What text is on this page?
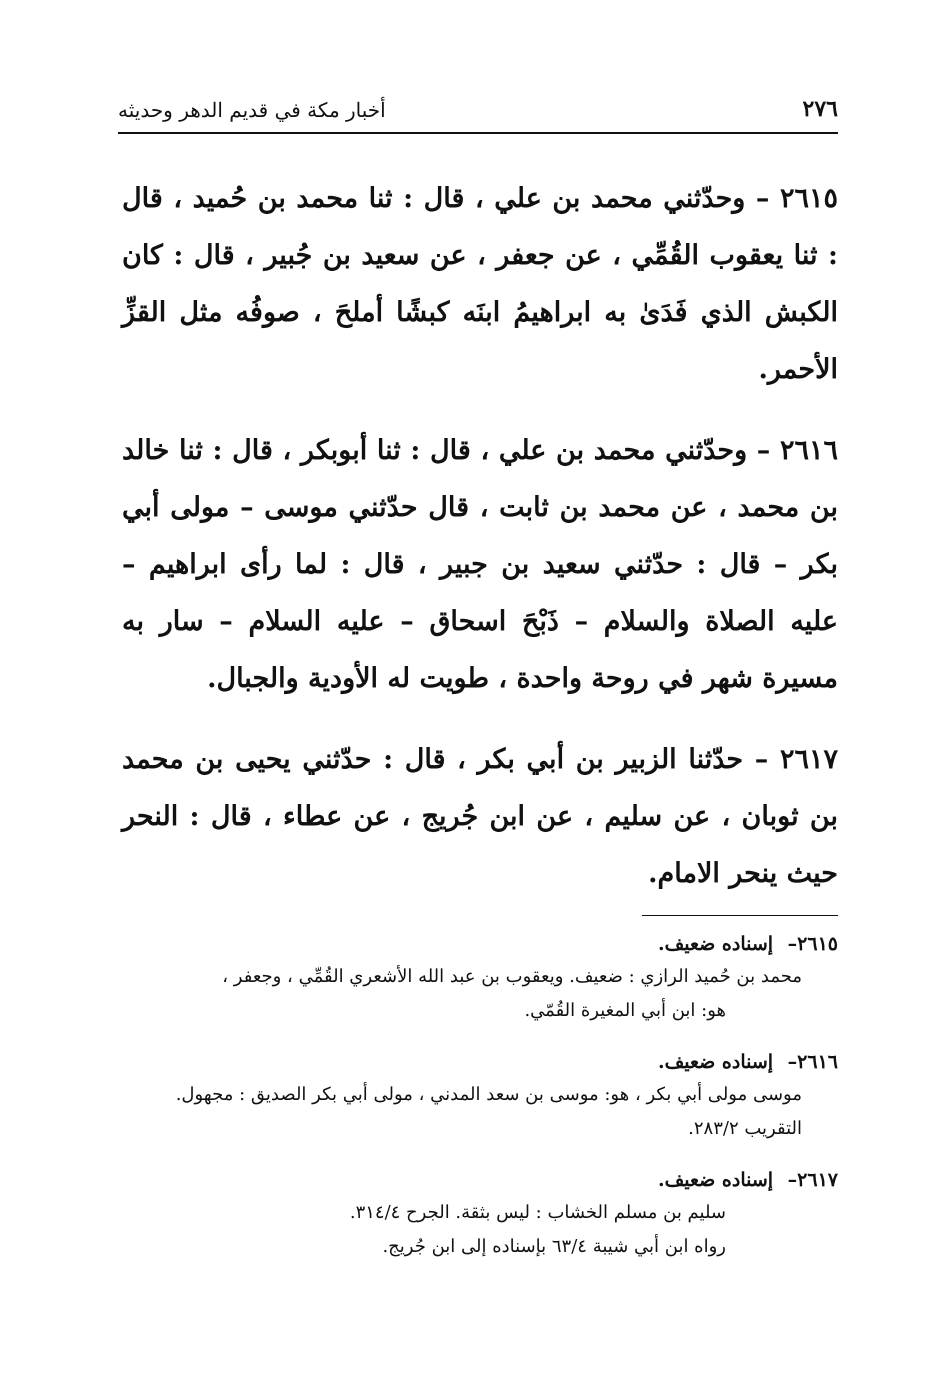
٢٧٦
أخبار مكة في قديم الدهر وحديثه

٢٦١٥ – وحدّثني محمد بن علي ، قال : ثنا محمد بن حُميد ، قال : ثنا يعقوب القُمِّي ، عن جعفر ، عن سعيد بن جُبير ، قال : كان الكبش الذي فَدَىٰ به ابراهيمُ ابنَه كبشًا أملحَ ، صوفُه مثل القزِّ الأحمر.

٢٦١٦ – وحدّثني محمد بن علي ، قال : ثنا أبوبكر ، قال : ثنا خالد بن محمد ، عن محمد بن ثابت ، قال حدّثني موسى – مولى أبي بكر – قال : حدّثني سعيد بن جبير ، قال : لما رأى ابراهيم – عليه الصلاة والسلام – ذَبْحَ اسحاق – عليه السلام – سار به مسيرة شهر في روحة واحدة ، طويت له الأودية والجبال.

٢٦١٧ – حدّثنا الزبير بن أبي بكر ، قال : حدّثني يحيى بن محمد بن ثوبان ، عن سليم ، عن ابن جُريج ، عن عطاء ، قال : النحر حيث ينحر الامام.

٢٦١٥– إسناده ضعيف.
محمد بن حُميد الرازي : ضعيف. ويعقوب بن عبد الله الأشعري القُمِّي ، وجعفر ،
هو: ابن أبي المغيرة القُمّي.
٢٦١٦– إسناده ضعيف.
موسى مولى أبي بكر ، هو: موسى بن سعد المدني ، مولى أبي بكر الصديق : مجهول.
التقريب ٢٨٣/٢.
٢٦١٧– إسناده ضعيف.
سليم بن مسلم الخشاب : ليس بثقة. الجرح ٣١٤/٤.
رواه ابن أبي شيبة ٦٣/٤ بإسناده إلى ابن جُريج.
